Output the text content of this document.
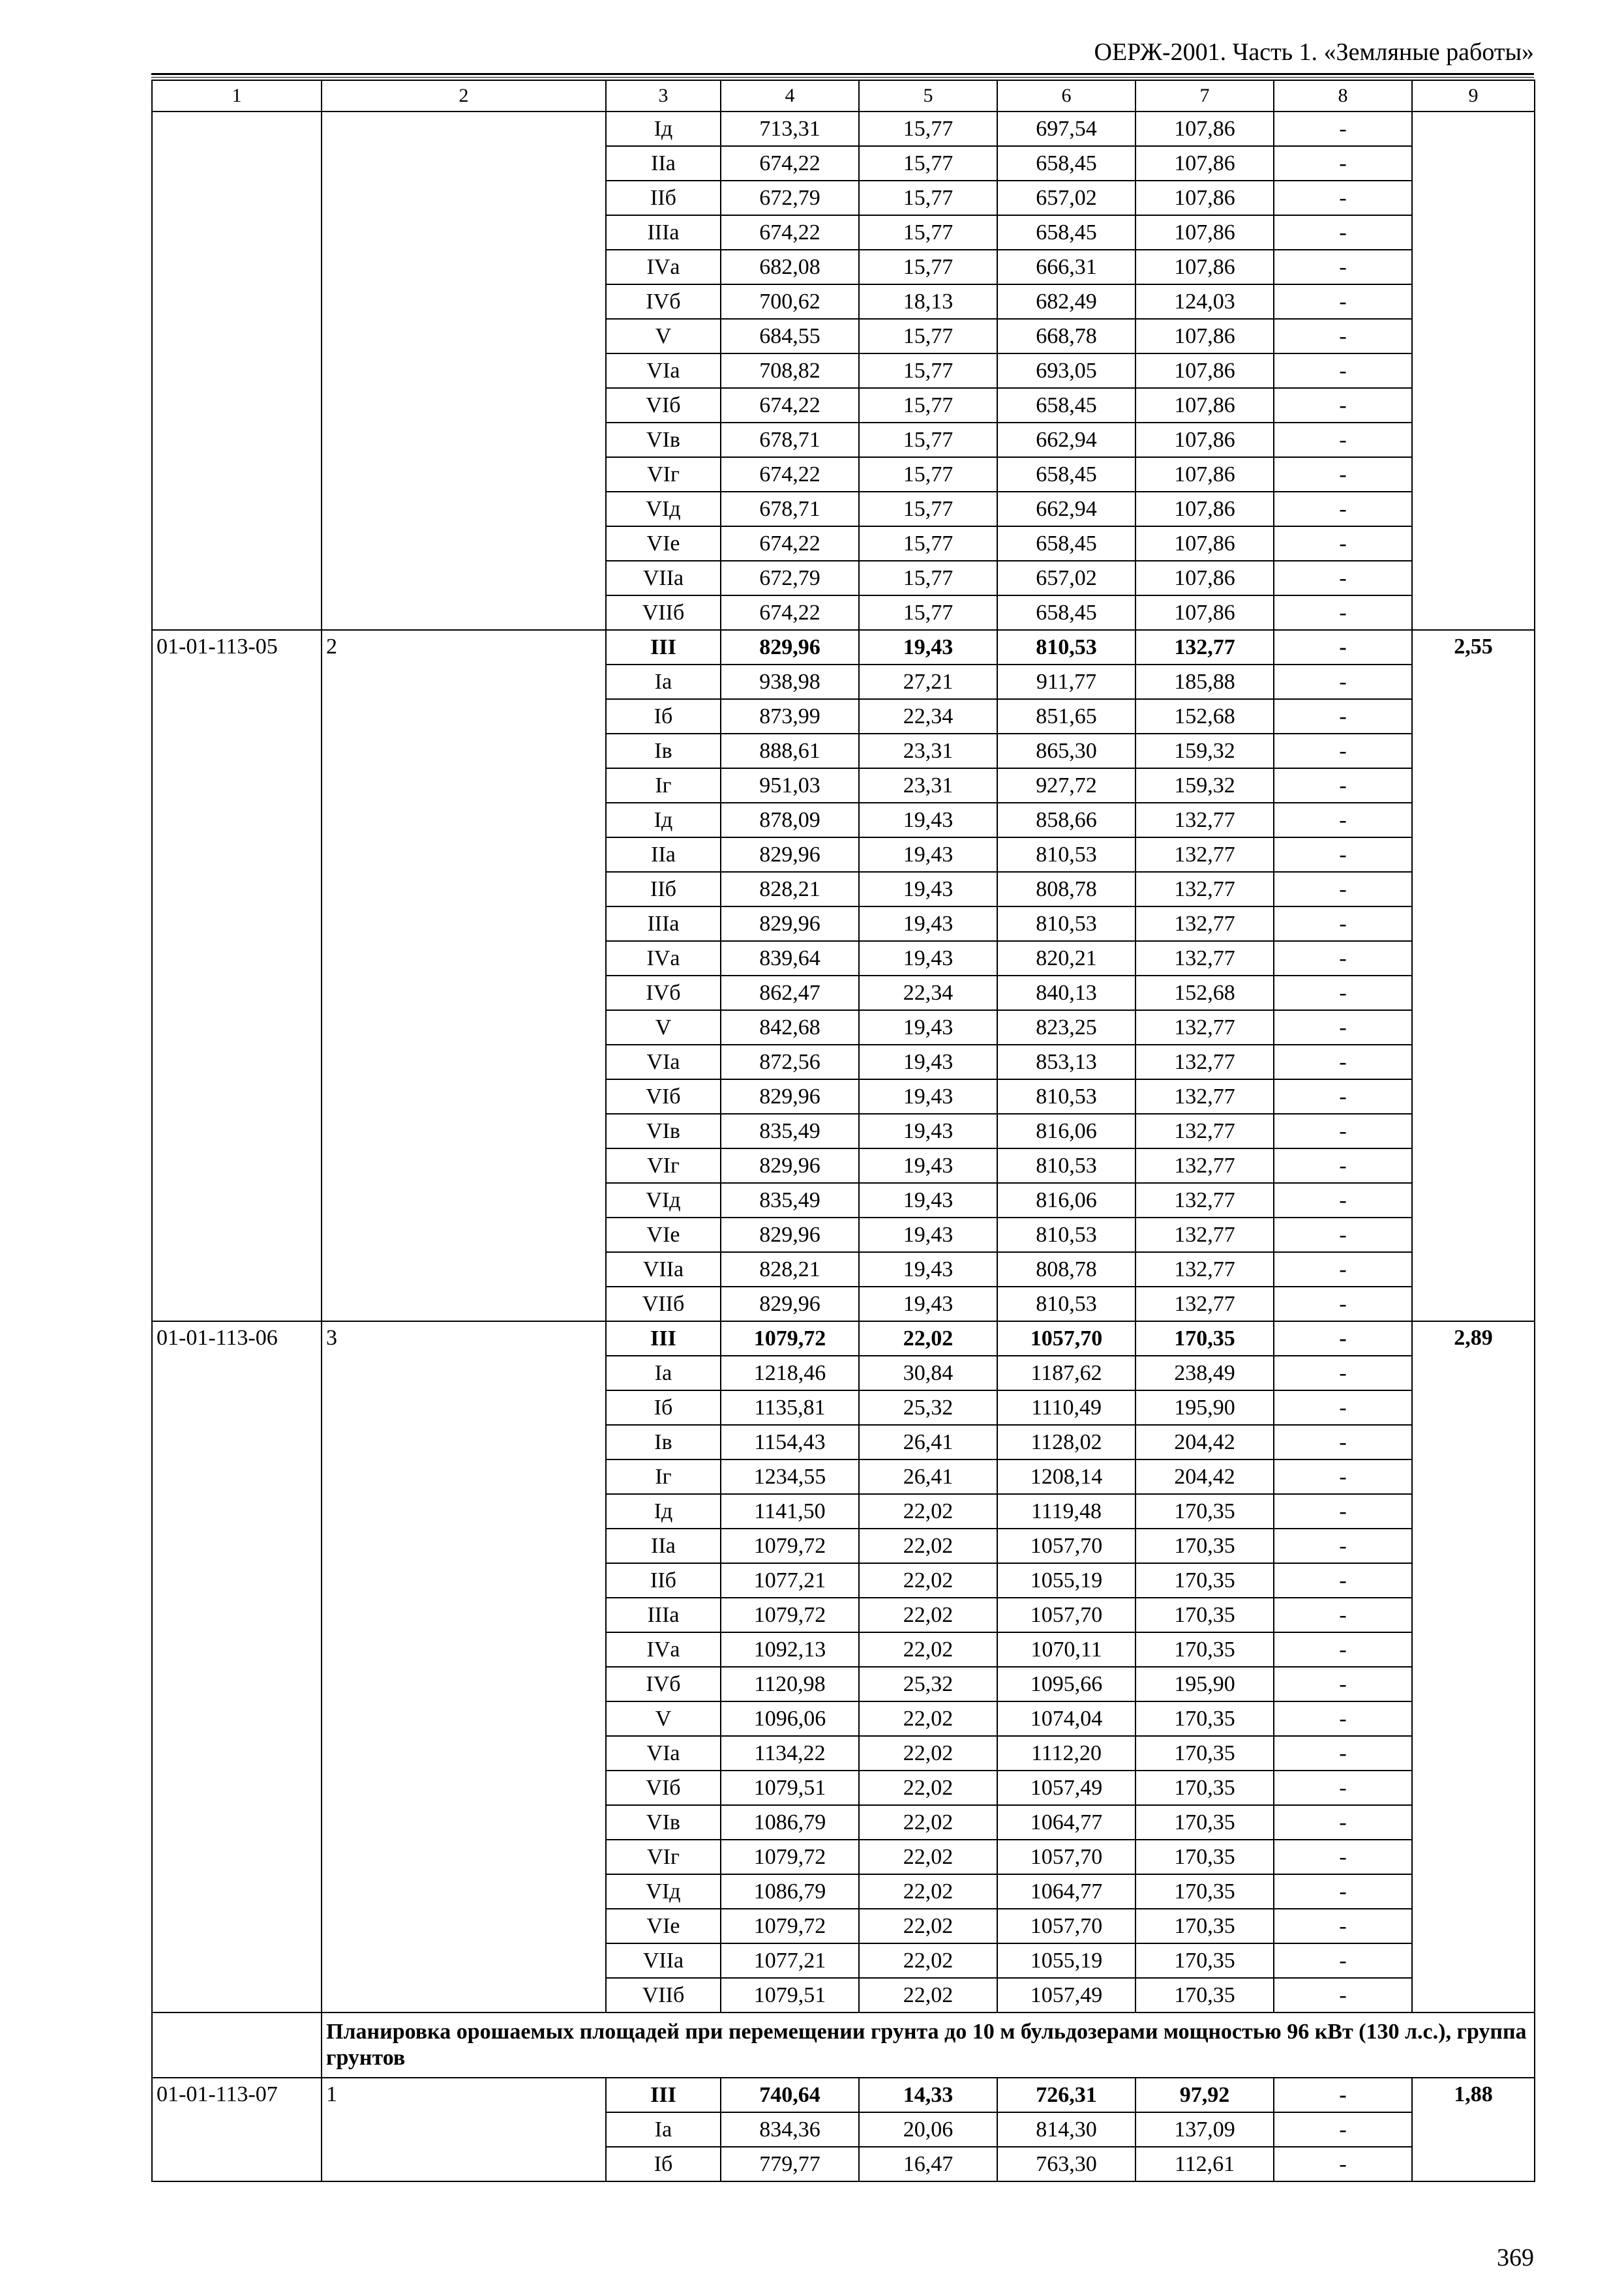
ОЕРЖ-2001. Часть 1. «Земляные работы»
1	2	3	4	5	6	7	8	9
		Iд	713,31	15,77	697,54	107,86	-	
		IIа	674,22	15,77	658,45	107,86	-	
		IIб	672,79	15,77	657,02	107,86	-	
		IIIа	674,22	15,77	658,45	107,86	-	
		IVа	682,08	15,77	666,31	107,86	-	
		IVб	700,62	18,13	682,49	124,03	-	
		V	684,55	15,77	668,78	107,86	-	
		VIа	708,82	15,77	693,05	107,86	-	
		VIб	674,22	15,77	658,45	107,86	-	
		VIв	678,71	15,77	662,94	107,86	-	
		VIг	674,22	15,77	658,45	107,86	-	
		VIд	678,71	15,77	662,94	107,86	-	
		VIе	674,22	15,77	658,45	107,86	-	
		VIIа	672,79	15,77	657,02	107,86	-	
		VIIб	674,22	15,77	658,45	107,86	-	
01-01-113-05	2	III	829,96	19,43	810,53	132,77	-	2,55
		Iа	938,98	27,21	911,77	185,88	-	
		Iб	873,99	22,34	851,65	152,68	-	
		Iв	888,61	23,31	865,30	159,32	-	
		Iг	951,03	23,31	927,72	159,32	-	
		Iд	878,09	19,43	858,66	132,77	-	
		IIа	829,96	19,43	810,53	132,77	-	
		IIб	828,21	19,43	808,78	132,77	-	
		IIIа	829,96	19,43	810,53	132,77	-	
		IVа	839,64	19,43	820,21	132,77	-	
		IVб	862,47	22,34	840,13	152,68	-	
		V	842,68	19,43	823,25	132,77	-	
		VIа	872,56	19,43	853,13	132,77	-	
		VIб	829,96	19,43	810,53	132,77	-	
		VIв	835,49	19,43	816,06	132,77	-	
		VIг	829,96	19,43	810,53	132,77	-	
		VIд	835,49	19,43	816,06	132,77	-	
		VIе	829,96	19,43	810,53	132,77	-	
		VIIа	828,21	19,43	808,78	132,77	-	
		VIIб	829,96	19,43	810,53	132,77	-	
01-01-113-06	3	III	1079,72	22,02	1057,70	170,35	-	2,89
		Iа	1218,46	30,84	1187,62	238,49	-	
		Iб	1135,81	25,32	1110,49	195,90	-	
		Iв	1154,43	26,41	1128,02	204,42	-	
		Iг	1234,55	26,41	1208,14	204,42	-	
		Iд	1141,50	22,02	1119,48	170,35	-	
		IIа	1079,72	22,02	1057,70	170,35	-	
		IIб	1077,21	22,02	1055,19	170,35	-	
		IIIа	1079,72	22,02	1057,70	170,35	-	
		IVа	1092,13	22,02	1070,11	170,35	-	
		IVб	1120,98	25,32	1095,66	195,90	-	
		V	1096,06	22,02	1074,04	170,35	-	
		VIа	1134,22	22,02	1112,20	170,35	-	
		VIб	1079,51	22,02	1057,49	170,35	-	
		VIв	1086,79	22,02	1064,77	170,35	-	
		VIг	1079,72	22,02	1057,70	170,35	-	
		VIд	1086,79	22,02	1064,77	170,35	-	
		VIе	1079,72	22,02	1057,70	170,35	-	
		VIIа	1077,21	22,02	1055,19	170,35	-	
		VIIб	1079,51	22,02	1057,49	170,35	-	
	Планировка орошаемых площадей при перемещении грунта до 10 м бульдозерами мощностью 96 кВт (130 л.с.), группа грунтов							
01-01-113-07	1	III	740,64	14,33	726,31	97,92	-	1,88
		Iа	834,36	20,06	814,30	137,09	-	
		Iб	779,77	16,47	763,30	112,61	-	
369
